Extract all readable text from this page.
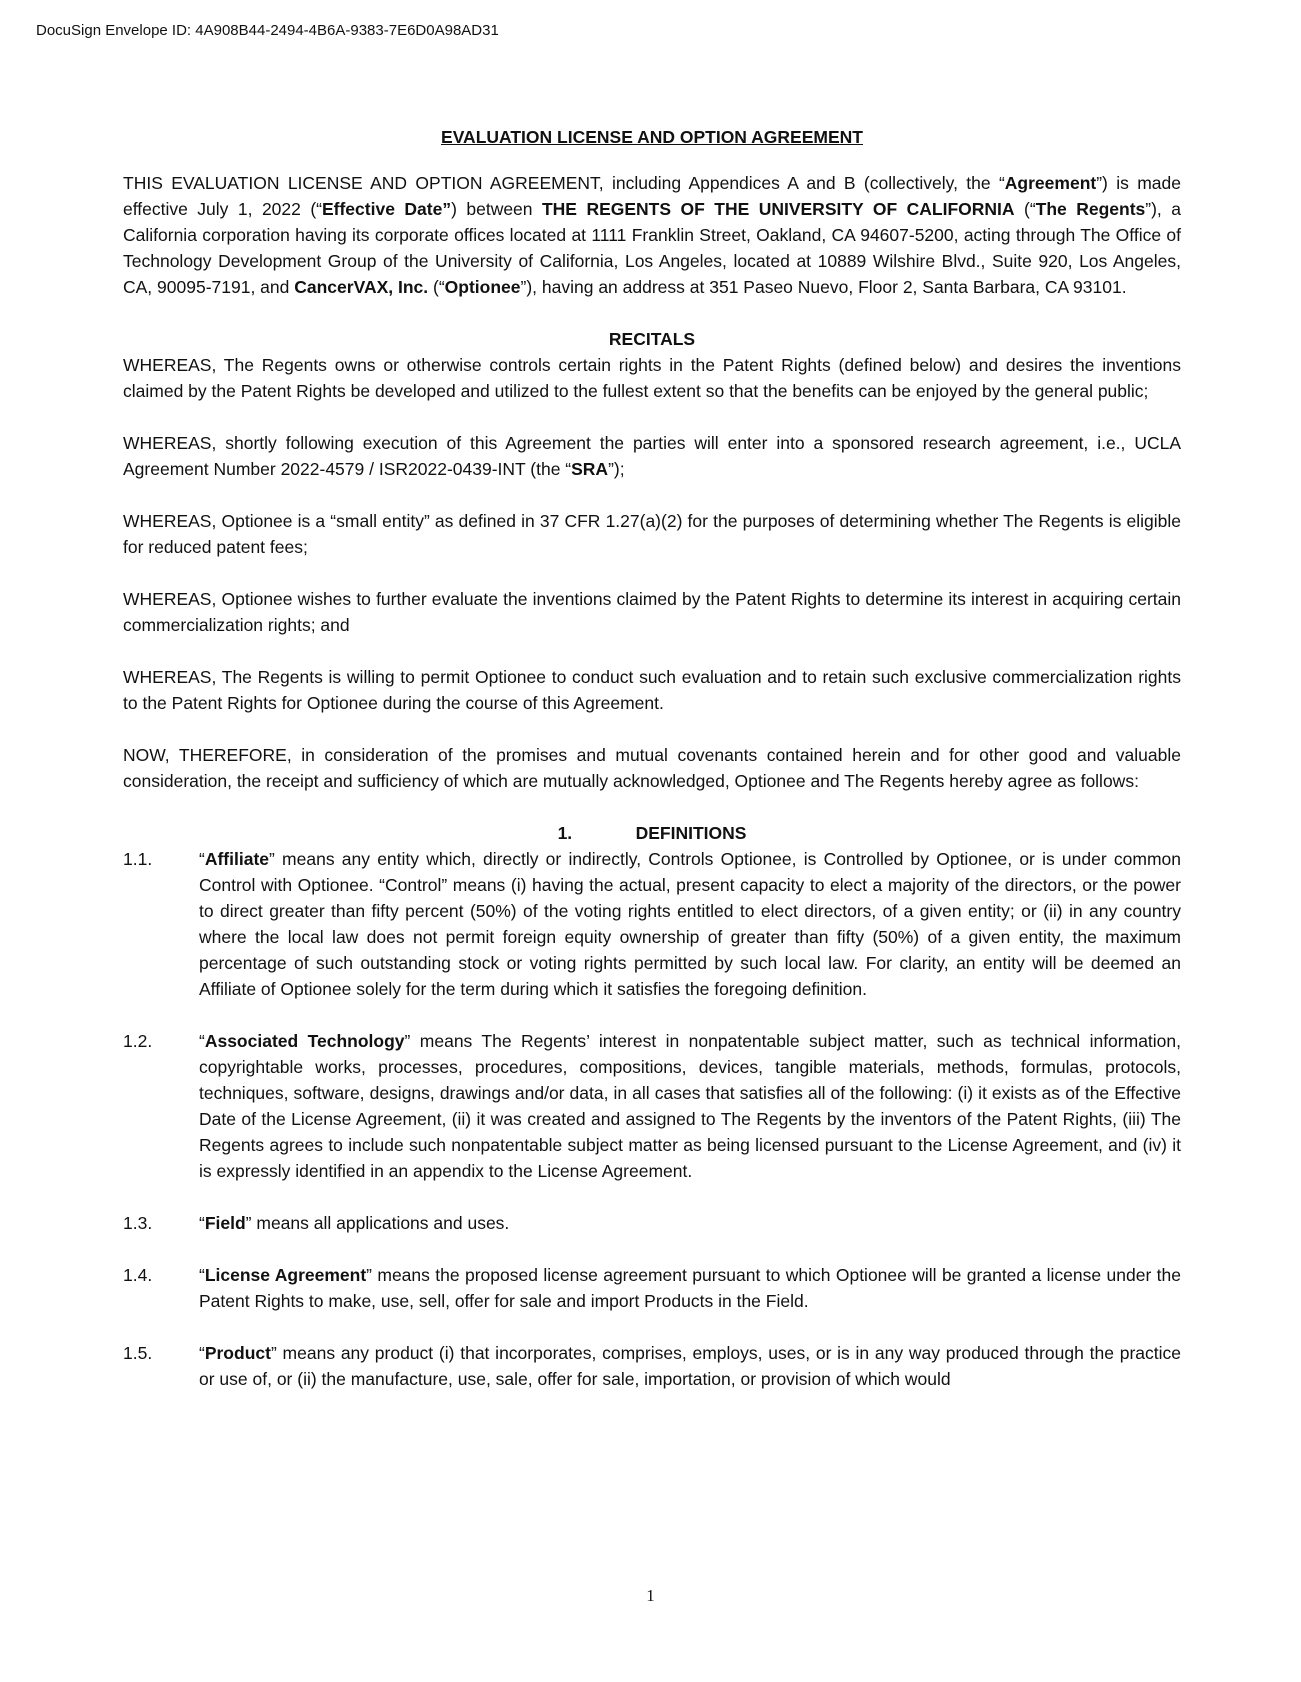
DocuSign Envelope ID: 4A908B44-2494-4B6A-9383-7E6D0A98AD31
EVALUATION LICENSE AND OPTION AGREEMENT

THIS EVALUATION LICENSE AND OPTION AGREEMENT, including Appendices A and B (collectively, the “Agreement”) is made effective July 1, 2022 (“Effective Date”) between THE REGENTS OF THE UNIVERSITY OF CALIFORNIA (“The Regents”), a California corporation having its corporate offices located at 1111 Franklin Street, Oakland, CA 94607-5200, acting through The Office of Technology Development Group of the University of California, Los Angeles, located at 10889 Wilshire Blvd., Suite 920, Los Angeles, CA, 90095-7191, and CancerVAX, Inc. (“Optionee”), having an address at 351 Paseo Nuevo, Floor 2, Santa Barbara, CA 93101.

RECITALS

WHEREAS, The Regents owns or otherwise controls certain rights in the Patent Rights (defined below) and desires the inventions claimed by the Patent Rights be developed and utilized to the fullest extent so that the benefits can be enjoyed by the general public;

WHEREAS, shortly following execution of this Agreement the parties will enter into a sponsored research agreement, i.e., UCLA Agreement Number 2022-4579 / ISR2022-0439-INT (the “SRA”);

WHEREAS, Optionee is a “small entity” as defined in 37 CFR 1.27(a)(2) for the purposes of determining whether The Regents is eligible for reduced patent fees;

WHEREAS, Optionee wishes to further evaluate the inventions claimed by the Patent Rights to determine its interest in acquiring certain commercialization rights; and

WHEREAS, The Regents is willing to permit Optionee to conduct such evaluation and to retain such exclusive commercialization rights to the Patent Rights for Optionee during the course of this Agreement.

NOW, THEREFORE, in consideration of the promises and mutual covenants contained herein and for other good and valuable consideration, the receipt and sufficiency of which are mutually acknowledged, Optionee and The Regents hereby agree as follows:

1.	DEFINITIONS
1.1.	“Affiliate” means any entity which, directly or indirectly, Controls Optionee, is Controlled by Optionee, or is under common Control with Optionee. “Control” means (i) having the actual, present capacity to elect a majority of the directors, or the power to direct greater than fifty percent (50%) of the voting rights entitled to elect directors, of a given entity; or (ii) in any country where the local law does not permit foreign equity ownership of greater than fifty (50%) of a given entity, the maximum percentage of such outstanding stock or voting rights permitted by such local law. For clarity, an entity will be deemed an Affiliate of Optionee solely for the term during which it satisfies the foregoing definition.
1.2.	“Associated Technology” means The Regents’ interest in nonpatentable subject matter, such as technical information, copyrightable works, processes, procedures, compositions, devices, tangible materials, methods, formulas, protocols, techniques, software, designs, drawings and/or data, in all cases that satisfies all of the following: (i) it exists as of the Effective Date of the License Agreement, (ii) it was created and assigned to The Regents by the inventors of the Patent Rights, (iii) The Regents agrees to include such nonpatentable subject matter as being licensed pursuant to the License Agreement, and (iv) it is expressly identified in an appendix to the License Agreement.
1.3.	“Field” means all applications and uses.
1.4.	“License Agreement” means the proposed license agreement pursuant to which Optionee will be granted a license under the Patent Rights to make, use, sell, offer for sale and import Products in the Field.
1.5.	“Product” means any product (i) that incorporates, comprises, employs, uses, or is in any way produced through the practice or use of, or (ii) the manufacture, use, sale, offer for sale, importation, or provision of which would
1
